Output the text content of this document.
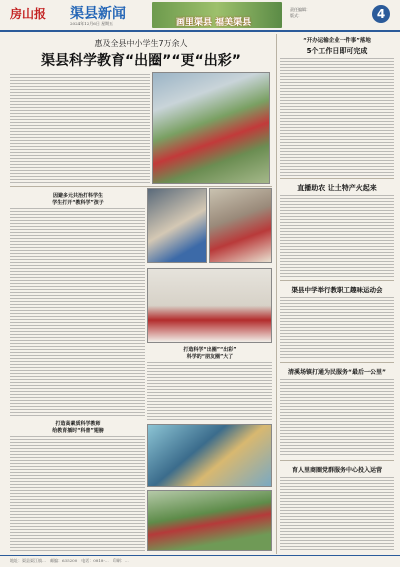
房山报 渠县新闻
2024年12月6日 星期五	画里渠县 福美渠县
责任编辑：
版式：	4
惠及全县中小学生7万余人
渠县科学教育“出圈”“更“出彩”
因避多元共治打科学生
学生打开“教科学”孩子
打造高素质科学教师
给教育插时“科普”翅膀
打造科学“出圈”“出彩”
科学的“朋友圈”大了
“开办运输企业一件事”落地
5个工作日即可完成
直播助农 让土特产火起来
渠县中学举行教职工趣味运动会
清溪场镇打通为民服务“最后一公里”
育人里商圈党群服务中心投入运营
地址：渠县渠江镇…　邮编：635200　电话：0818-…　印刷：…
